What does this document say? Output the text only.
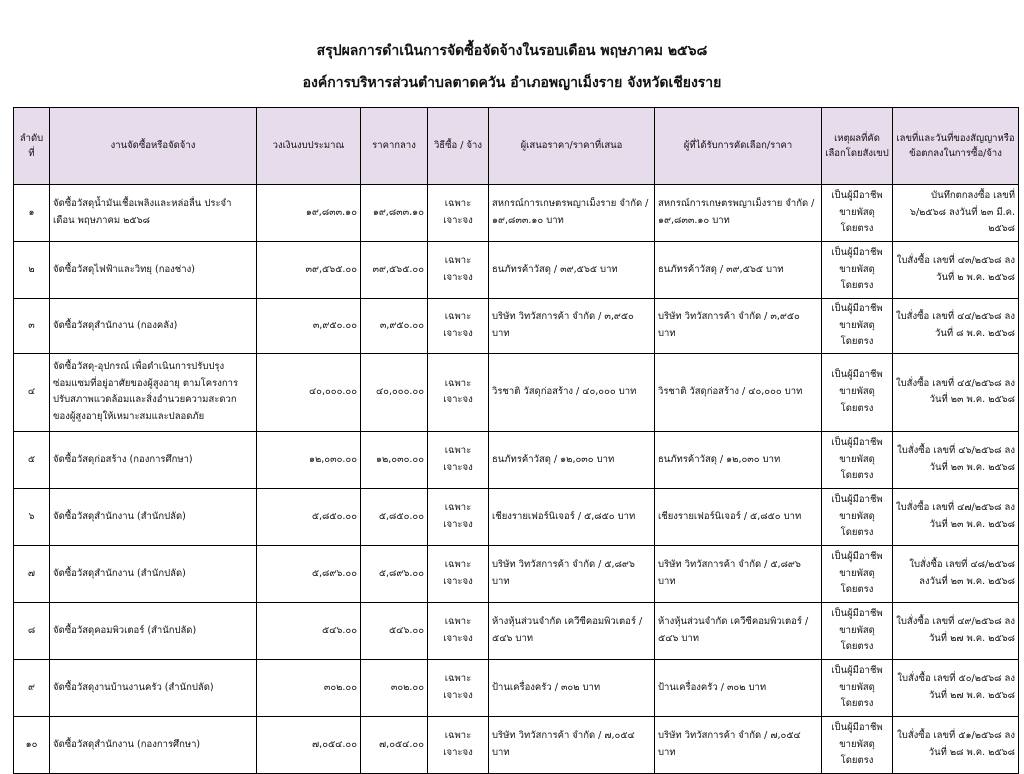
สรุปผลการดำเนินการจัดซื้อจัดจ้างในรอบเดือน พฤษภาคม ๒๕๖๘
องค์การบริหารส่วนตำบลตาดควัน อำเภอพญาเม็งราย จังหวัดเชียงราย
ลำดับที่	งานจัดซื้อหรือจัดจ้าง	วงเงินงบประมาณ	ราคากลาง	วิธีซื้อ / จ้าง	ผู้เสนอราคา/ราคาที่เสนอ	ผู้ที่ได้รับการคัดเลือก/ราคา	เหตุผลที่คัดเลือกโดยสังเขป	เลขที่และวันที่ของสัญญาหรือข้อตกลงในการซื้อ/จ้าง
๑	จัดซื้อวัสดุน้ำมันเชื้อเพลิงและหล่อลื่น ประจำเดือน พฤษภาคม ๒๕๖๘	๑๙,๘๓๓.๑๐	๑๙,๘๓๓.๑๐	เฉพาะเจาะจง	สหกรณ์การเกษตรพญาเม็งราย จำกัด / ๑๙,๘๓๓.๑๐ บาท	สหกรณ์การเกษตรพญาเม็งราย จำกัด / ๑๙,๘๓๓.๑๐ บาท	เป็นผู้มีอาชีพขายพัสดุโดยตรง	บันทึกตกลงซื้อ เลขที่ ๖/๒๕๖๘ ลงวันที่ ๒๓ มี.ค. ๒๕๖๘
๒	จัดซื้อวัสดุไฟฟ้าและวิทยุ (กองช่าง)	๓๙,๕๖๕.๐๐	๓๙,๕๖๕.๐๐	เฉพาะเจาะจง	ธนภัทรค้าวัสดุ / ๓๙,๕๖๕ บาท	ธนภัทรค้าวัสดุ / ๓๙,๕๖๕ บาท	เป็นผู้มีอาชีพขายพัสดุโดยตรง	ใบสั่งซื้อ เลขที่ ๔๓/๒๕๖๘ ลงวันที่ ๒ พ.ค. ๒๕๖๘
๓	จัดซื้อวัสดุสำนักงาน (กองคลัง)	๓,๙๕๐.๐๐	๓,๙๕๐.๐๐	เฉพาะเจาะจง	บริษัท วิทวัสการค้า จำกัด / ๓,๙๕๐ บาท	บริษัท วิทวัสการค้า จำกัด / ๓,๙๕๐ บาท	เป็นผู้มีอาชีพขายพัสดุโดยตรง	ใบสั่งซื้อ เลขที่ ๔๔/๒๕๖๘ ลงวันที่ ๘ พ.ค. ๒๕๖๘
๔	จัดซื้อวัสดุ-อุปกรณ์ เพื่อดำเนินการปรับปรุงซ่อมแซมที่อยู่อาศัยของผู้สูงอายุ ตามโครงการปรับสภาพแวดล้อมและสิ่งอำนวยความสะดวกของผู้สูงอายุให้เหมาะสมและปลอดภัย	๔๐,๐๐๐.๐๐	๔๐,๐๐๐.๐๐	เฉพาะเจาะจง	วิรชาติ วัสดุก่อสร้าง / ๔๐,๐๐๐ บาท	วิรชาติ วัสดุก่อสร้าง / ๔๐,๐๐๐ บาท	เป็นผู้มีอาชีพขายพัสดุโดยตรง	ใบสั่งซื้อ เลขที่ ๔๕/๒๕๖๘ ลงวันที่ ๒๓ พ.ค. ๒๕๖๘
๕	จัดซื้อวัสดุก่อสร้าง (กองการศึกษา)	๑๒,๐๓๐.๐๐	๑๒,๐๓๐.๐๐	เฉพาะเจาะจง	ธนภัทรค้าวัสดุ / ๑๒,๐๓๐ บาท	ธนภัทรค้าวัสดุ / ๑๒,๐๓๐ บาท	เป็นผู้มีอาชีพขายพัสดุโดยตรง	ใบสั่งซื้อ เลขที่ ๔๖/๒๕๖๘ ลงวันที่ ๒๓ พ.ค. ๒๕๖๘
๖	จัดซื้อวัสดุสำนักงาน (สำนักปลัด)	๕,๘๕๐.๐๐	๕,๘๕๐.๐๐	เฉพาะเจาะจง	เชียงรายเฟอร์นิเจอร์ / ๕,๘๕๐ บาท	เชียงรายเฟอร์นิเจอร์ / ๕,๘๕๐ บาท	เป็นผู้มีอาชีพขายพัสดุโดยตรง	ใบสั่งซื้อ เลขที่ ๔๗/๒๕๖๘ ลงวันที่ ๒๓ พ.ค. ๒๕๖๘
๗	จัดซื้อวัสดุสำนักงาน (สำนักปลัด)	๕,๘๙๖.๐๐	๕,๘๙๖.๐๐	เฉพาะเจาะจง	บริษัท วิทวัสการค้า จำกัด / ๕,๘๙๖ บาท	บริษัท วิทวัสการค้า จำกัด / ๕,๘๙๖ บาท	เป็นผู้มีอาชีพขายพัสดุโดยตรง	ใบสั่งซื้อ เลขที่ ๔๘/๒๕๖๘ ลงวันที่ ๒๓ พ.ค. ๒๕๖๘
๘	จัดซื้อวัสดุคอมพิวเตอร์ (สำนักปลัด)	๕๔๖.๐๐	๕๔๖.๐๐	เฉพาะเจาะจง	ห้างหุ้นส่วนจำกัด เควีซีคอมพิวเตอร์ / ๕๔๖ บาท	ห้างหุ้นส่วนจำกัด เควีซีคอมพิวเตอร์ / ๕๔๖ บาท	เป็นผู้มีอาชีพขายพัสดุโดยตรง	ใบสั่งซื้อ เลขที่ ๔๙/๒๕๖๘ ลงวันที่ ๒๗ พ.ค. ๒๕๖๘
๙	จัดซื้อวัสดุงานบ้านงานครัว (สำนักปลัด)	๓๐๒.๐๐	๓๐๒.๐๐	เฉพาะเจาะจง	ป้านเครื่องครัว / ๓๐๒ บาท	ป้านเครื่องครัว / ๓๐๒ บาท	เป็นผู้มีอาชีพขายพัสดุโดยตรง	ใบสั่งซื้อ เลขที่ ๕๐/๒๕๖๘ ลงวันที่ ๒๗ พ.ค. ๒๕๖๘
๑๐	จัดซื้อวัสดุสำนักงาน (กองการศึกษา)	๗,๐๕๔.๐๐	๗,๐๕๔.๐๐	เฉพาะเจาะจง	บริษัท วิทวัสการค้า จำกัด / ๗,๐๕๔ บาท	บริษัท วิทวัสการค้า จำกัด / ๗,๐๕๔ บาท	เป็นผู้มีอาชีพขายพัสดุโดยตรง	ใบสั่งซื้อ เลขที่ ๕๑/๒๕๖๘ ลงวันที่ ๒๘ พ.ค. ๒๕๖๘
